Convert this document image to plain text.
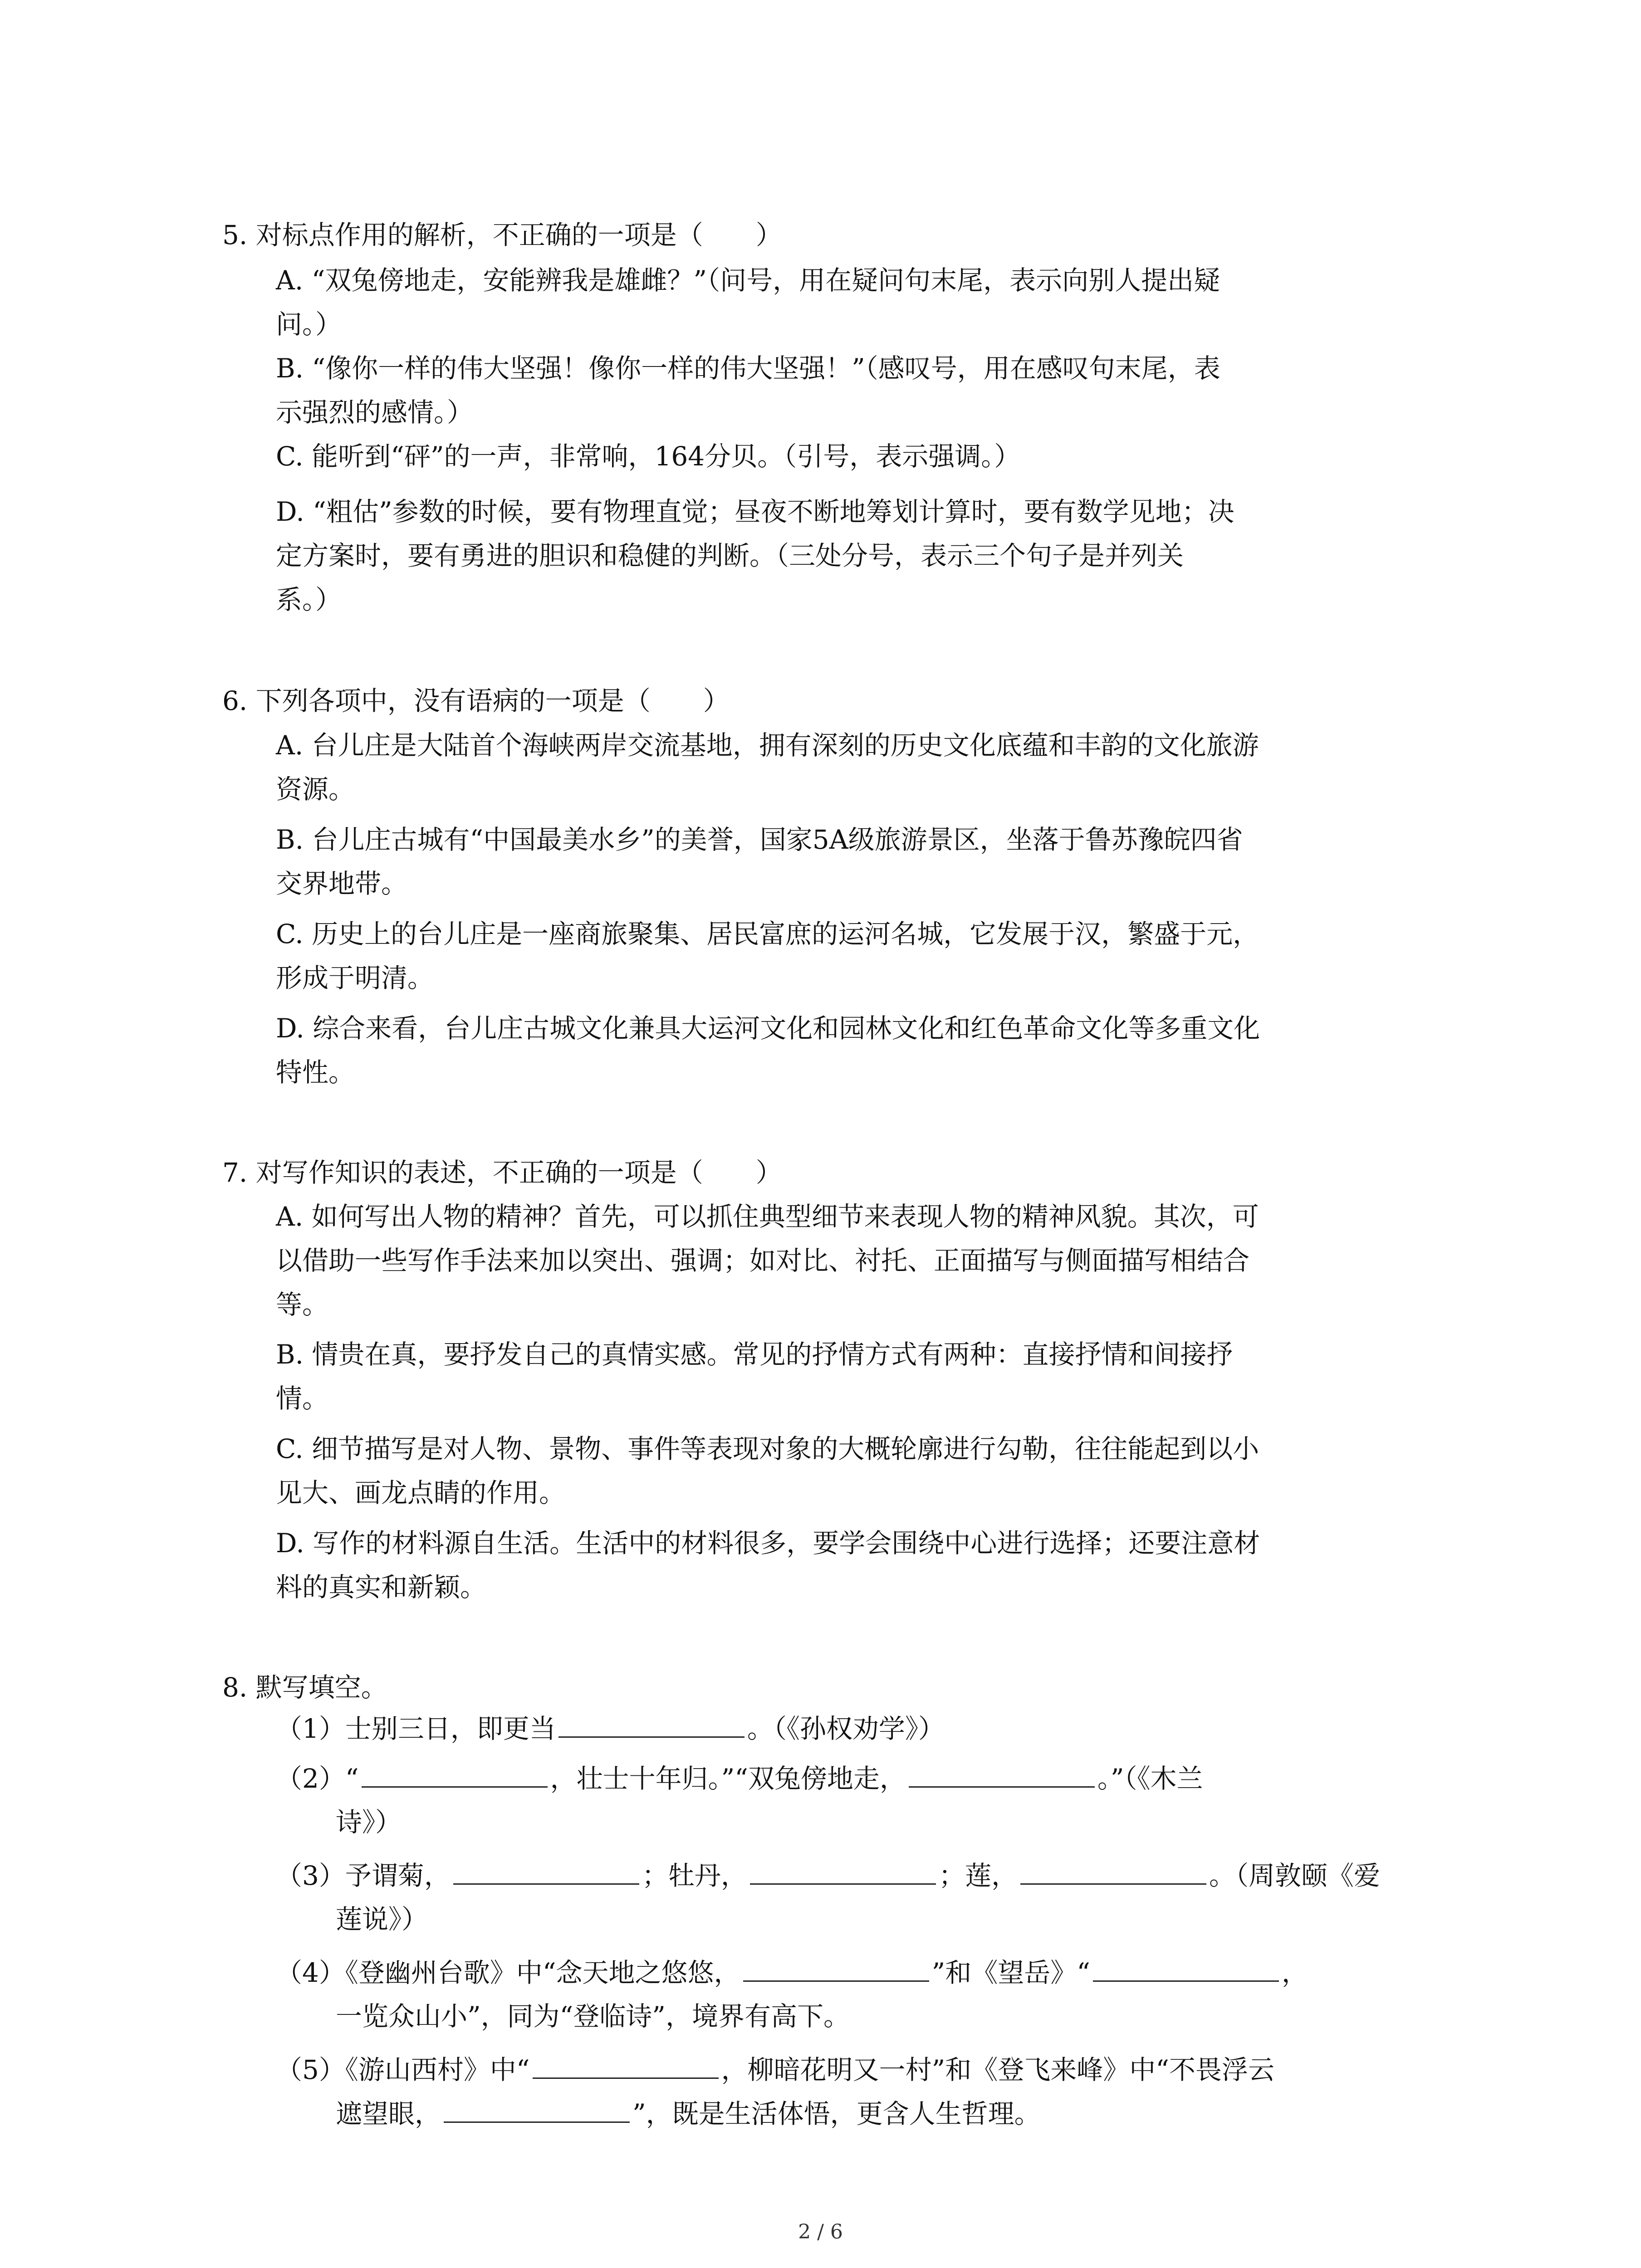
5. 对标点作用的解析，不正确的一项是（　　）
A. “双兔傍地走，安能辨我是雄雌？”（问号，用在疑问句末尾，表示向别人提出疑
问。）
B. “像你一样的伟大坚强！像你一样的伟大坚强！”（感叹号，用在感叹句末尾，表
示强烈的感情。）
C. 能听到“砰”的一声，非常响，164分贝。（引号，表示强调。）
D. “粗估”参数的时候，要有物理直觉；昼夜不断地筹划计算时，要有数学见地；决
定方案时，要有勇进的胆识和稳健的判断。（三处分号，表示三个句子是并列关
系。）
6. 下列各项中，没有语病的一项是（　　）
A. 台儿庄是大陆首个海峡两岸交流基地，拥有深刻的历史文化底蕴和丰韵的文化旅游
资源。
B. 台儿庄古城有“中国最美水乡”的美誉，国家5A级旅游景区，坐落于鲁苏豫皖四省
交界地带。
C. 历史上的台儿庄是一座商旅聚集、居民富庶的运河名城，它发展于汉，繁盛于元，
形成于明清。
D. 综合来看，台儿庄古城文化兼具大运河文化和园林文化和红色革命文化等多重文化
特性。
7. 对写作知识的表述，不正确的一项是（　　）
A. 如何写出人物的精神？首先，可以抓住典型细节来表现人物的精神风貌。其次，可
以借助一些写作手法来加以突出、强调；如对比、衬托、正面描写与侧面描写相结合
等。
B. 情贵在真，要抒发自己的真情实感。常见的抒情方式有两种：直接抒情和间接抒
情。
C. 细节描写是对人物、景物、事件等表现对象的大概轮廓进行勾勒，往往能起到以小
见大、画龙点睛的作用。
D. 写作的材料源自生活。生活中的材料很多，要学会围绕中心进行选择；还要注意材
料的真实和新颖。
8. 默写填空。
（1）士别三日，即更当	。（《孙权劝学》）
（2）“	，壮士十年归。”“双兔傍地走，	。”（《木兰
诗》）
（3）予谓菊，	；牡丹，	；莲，	。（周敦颐《爱
莲说》）
（4）《登幽州台歌》中“念天地之悠悠，	”和《望岳》“	，
一览众山小”，同为“登临诗”，境界有高下。
（5）《游山西村》中“	，柳暗花明又一村”和《登飞来峰》中“不畏浮云
遮望眼，	”，既是生活体悟，更含人生哲理。
2 / 6
